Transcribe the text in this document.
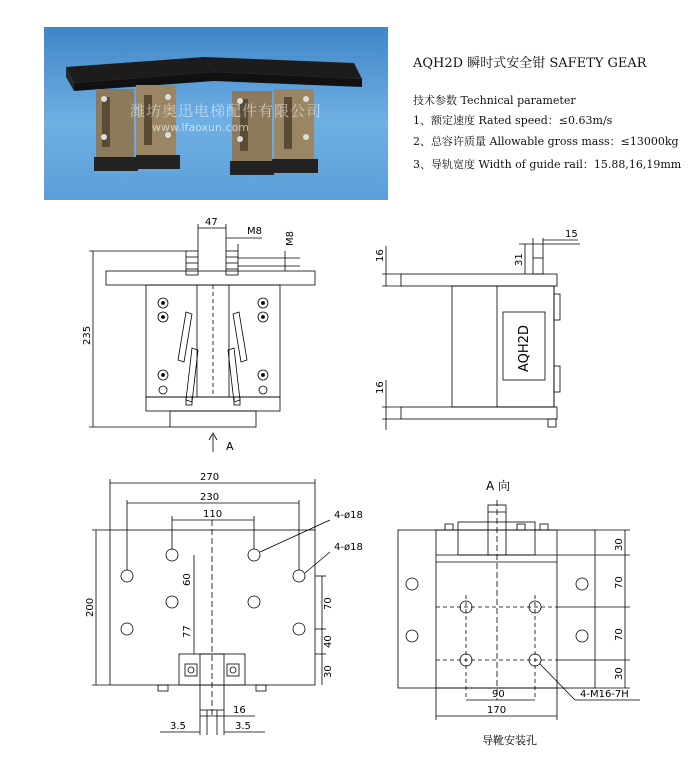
潍坊奥迅电梯配件有限公司
www.lfaoxun.com
AQH2D 瞬时式安全钳 SAFETY GEAR
技术参数 Technical parameter
1、额定速度 Rated speed：≤0.63m/s
2、总容许质量 Allowable gross mass：≤13000kg
3、导轨宽度 Width of guide rail：15.88,16,19mm
47
M8 M8
235
A
15
16	31
16
AQH2D
270
230
110	4-ø18
4-ø18
60
77
200	70
40
30
16
3.5	3.5
A 向
30
70
70
30
90
170
4-M16-7H
导靴安装孔
